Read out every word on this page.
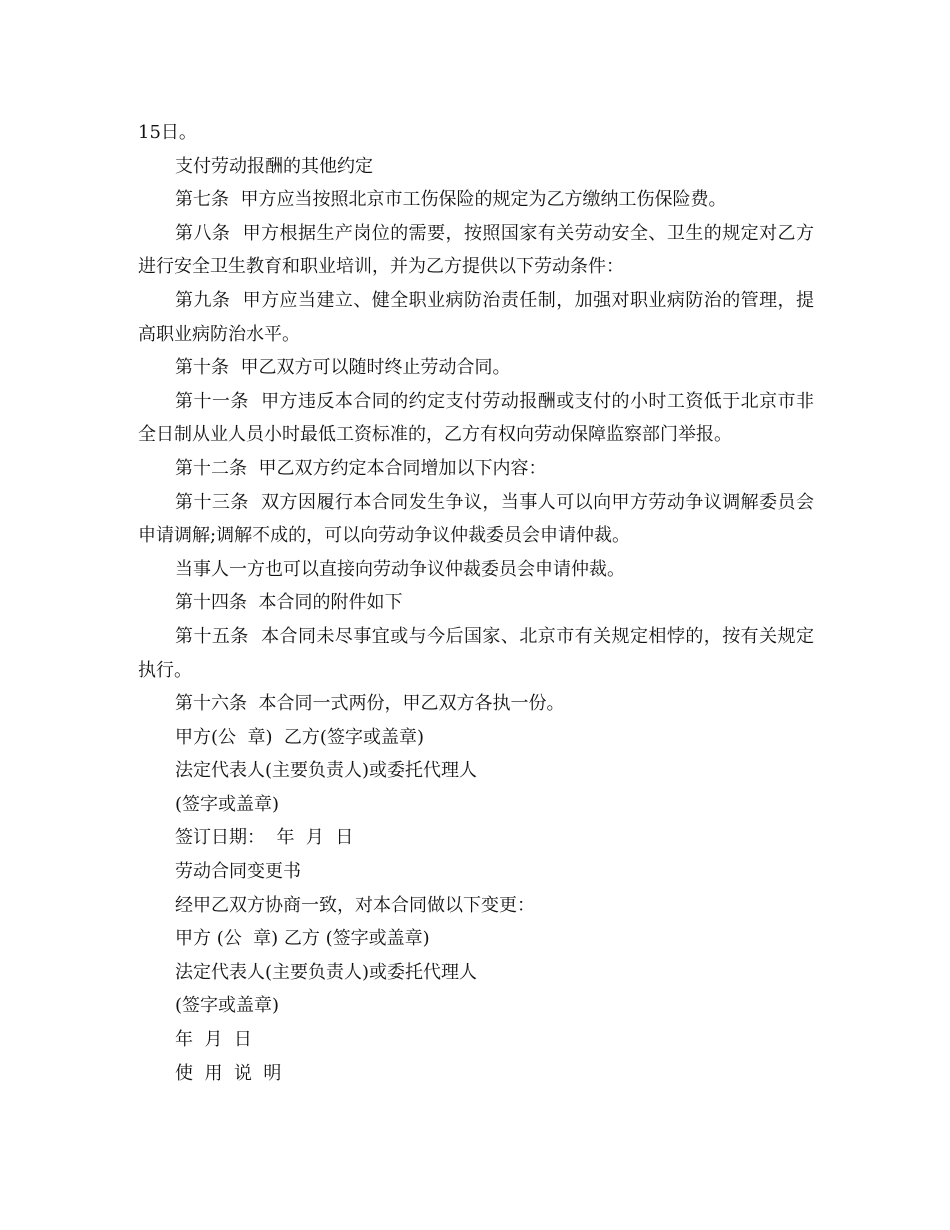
15日。

支付劳动报酬的其他约定

第七条  甲方应当按照北京市工伤保险的规定为乙方缴纳工伤保险费。

第八条  甲方根据生产岗位的需要，按照国家有关劳动安全、卫生的规定对乙方进行安全卫生教育和职业培训，并为乙方提供以下劳动条件：

第九条  甲方应当建立、健全职业病防治责任制，加强对职业病防治的管理，提高职业病防治水平。

第十条  甲乙双方可以随时终止劳动合同。

第十一条  甲方违反本合同的约定支付劳动报酬或支付的小时工资低于北京市非全日制从业人员小时最低工资标准的，乙方有权向劳动保障监察部门举报。

第十二条  甲乙双方约定本合同增加以下内容：

第十三条  双方因履行本合同发生争议，当事人可以向甲方劳动争议调解委员会申请调解;调解不成的，可以向劳动争议仲裁委员会申请仲裁。

当事人一方也可以直接向劳动争议仲裁委员会申请仲裁。

第十四条  本合同的附件如下

第十五条  本合同未尽事宜或与今后国家、北京市有关规定相悖的，按有关规定执行。

第十六条  本合同一式两份，甲乙双方各执一份。

甲方(公  章)  乙方(签字或盖章)

法定代表人(主要负责人)或委托代理人

(签字或盖章)

签订日期：  年  月  日

劳动合同变更书

经甲乙双方协商一致，对本合同做以下变更：

甲方 (公  章) 乙方 (签字或盖章)

法定代表人(主要负责人)或委托代理人

(签字或盖章)

年  月  日

使  用  说  明
